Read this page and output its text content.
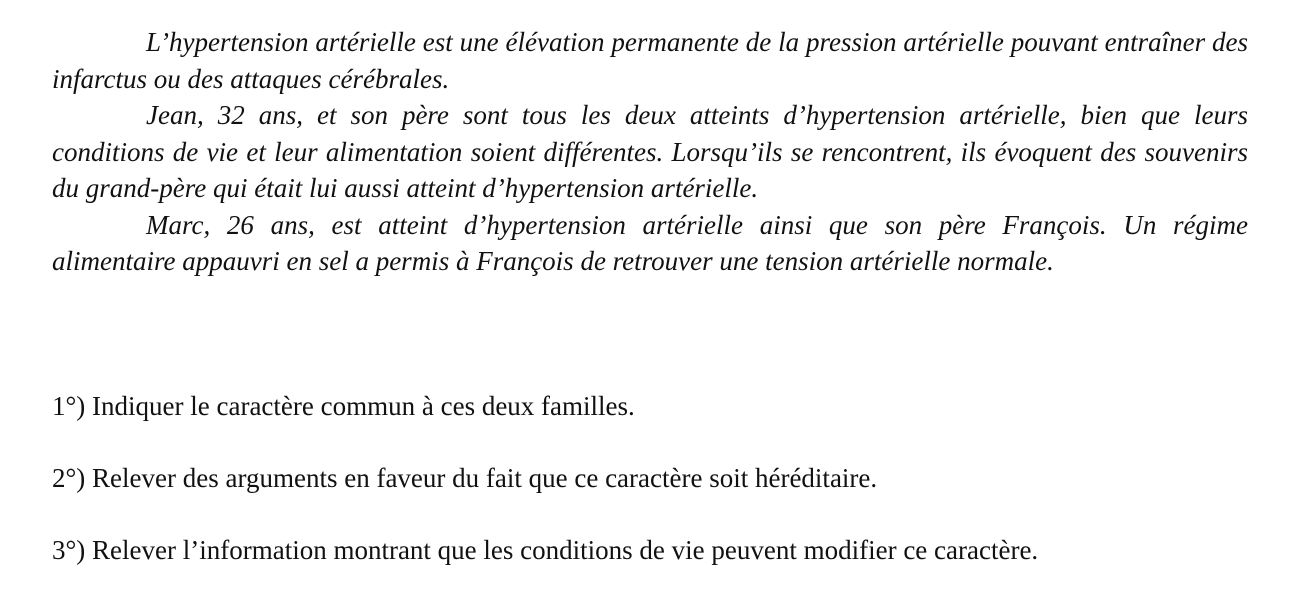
L’hypertension artérielle est une élévation permanente de la pression artérielle pouvant entraîner des infarctus ou des attaques cérébrales.

Jean, 32 ans, et son père sont tous les deux atteints d’hypertension artérielle, bien que leurs conditions de vie et leur alimentation soient différentes. Lorsqu’ils se rencontrent, ils évoquent des souvenirs du grand-père qui était lui aussi atteint d’hypertension artérielle.

Marc, 26 ans, est atteint d’hypertension artérielle ainsi que son père François. Un régime alimentaire appauvri en sel a permis à François de retrouver une tension artérielle normale.

1°) Indiquer le caractère commun à ces deux familles.

2°) Relever des arguments en faveur du fait que ce caractère soit héréditaire.

3°) Relever l’information montrant que les conditions de vie peuvent modifier ce caractère.
